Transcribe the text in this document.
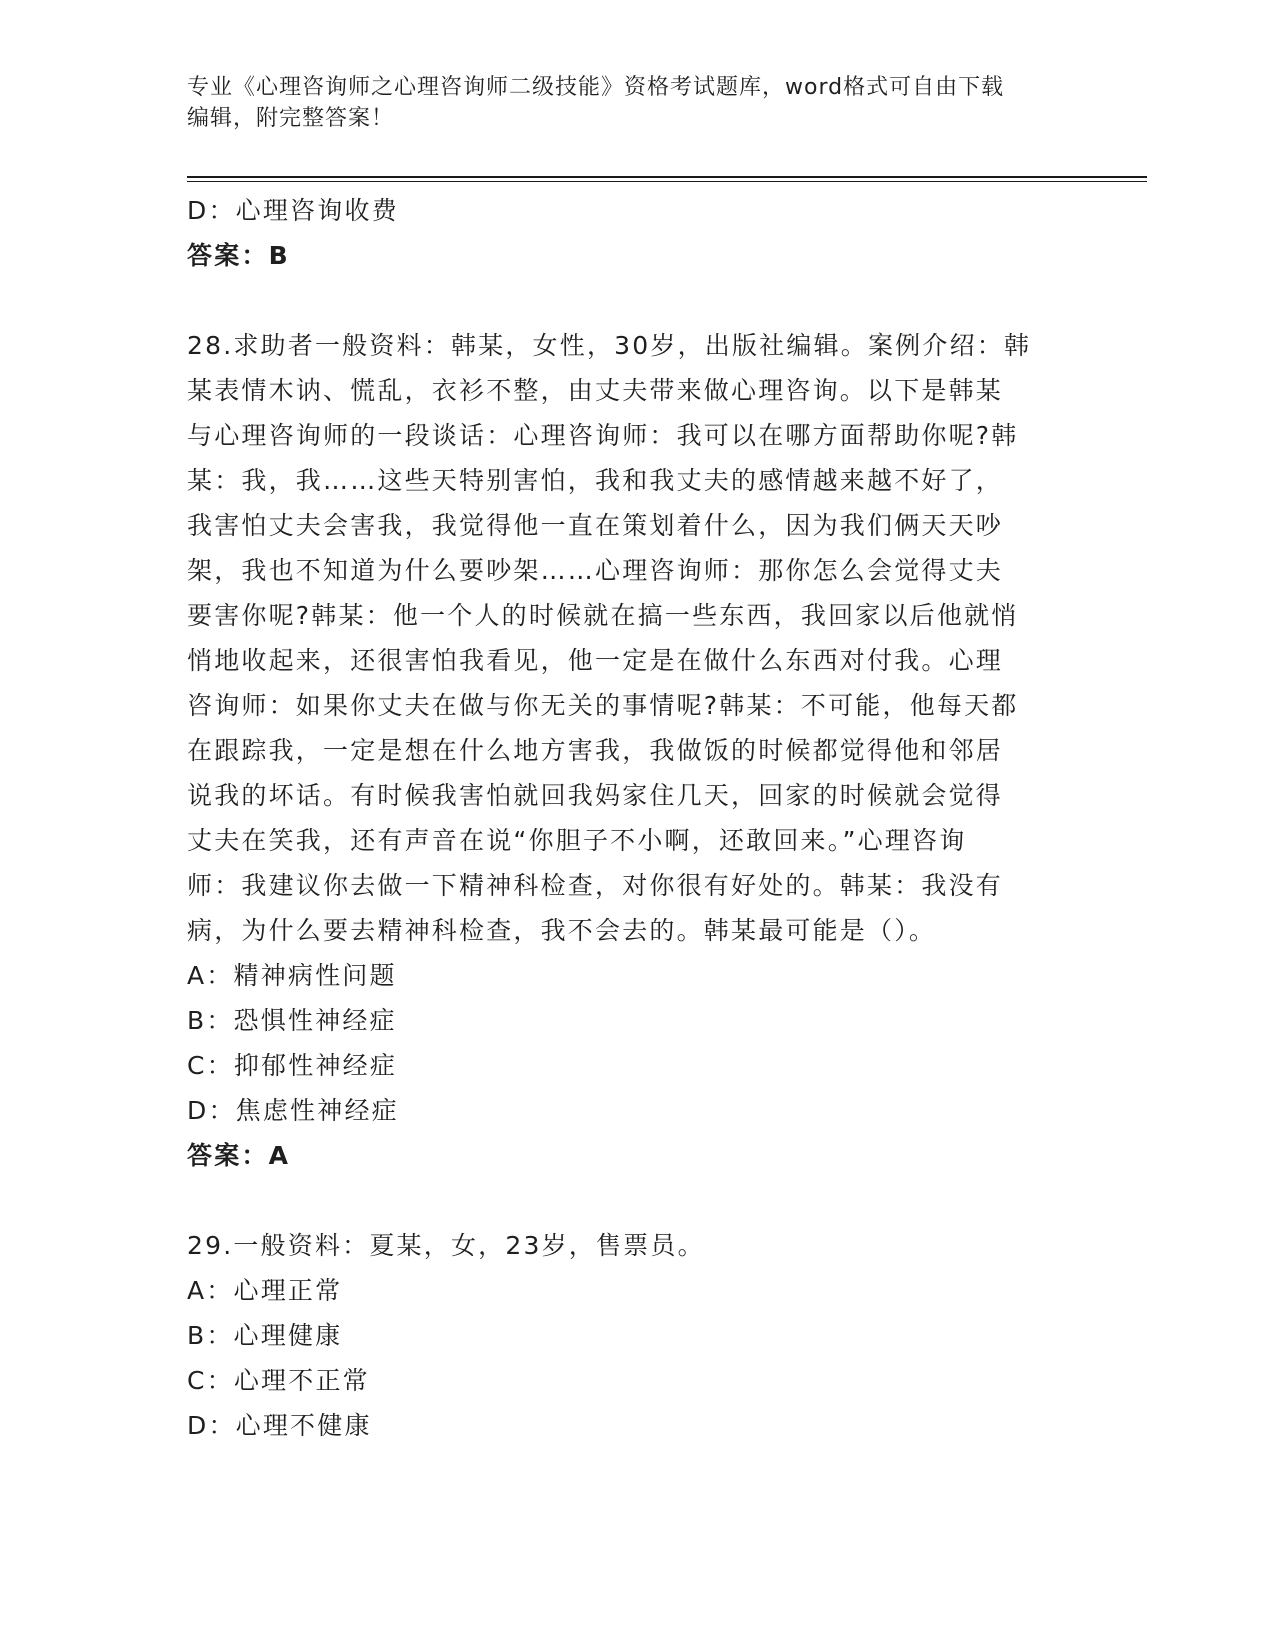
专业《心理咨询师之心理咨询师二级技能》资格考试题库，word格式可自由下载
编辑，附完整答案！
D：心理咨询收费
答案：B
28.求助者一般资料：韩某，女性，30岁，出版社编辑。案例介绍：韩
某表情木讷、慌乱，衣衫不整，由丈夫带来做心理咨询。以下是韩某
与心理咨询师的一段谈话：心理咨询师：我可以在哪方面帮助你呢?韩
某：我，我……这些天特别害怕，我和我丈夫的感情越来越不好了，
我害怕丈夫会害我，我觉得他一直在策划着什么，因为我们俩天天吵
架，我也不知道为什么要吵架……心理咨询师：那你怎么会觉得丈夫
要害你呢?韩某：他一个人的时候就在搞一些东西，我回家以后他就悄
悄地收起来，还很害怕我看见，他一定是在做什么东西对付我。心理
咨询师：如果你丈夫在做与你无关的事情呢?韩某：不可能，他每天都
在跟踪我，一定是想在什么地方害我，我做饭的时候都觉得他和邻居
说我的坏话。有时候我害怕就回我妈家住几天，回家的时候就会觉得
丈夫在笑我，还有声音在说“你胆子不小啊，还敢回来。”心理咨询
师：我建议你去做一下精神科检查，对你很有好处的。韩某：我没有
病，为什么要去精神科检查，我不会去的。韩某最可能是（）。
A：精神病性问题
B：恐惧性神经症
C：抑郁性神经症
D：焦虑性神经症
答案：A
29.一般资料：夏某，女，23岁，售票员。
A：心理正常
B：心理健康
C：心理不正常
D：心理不健康
